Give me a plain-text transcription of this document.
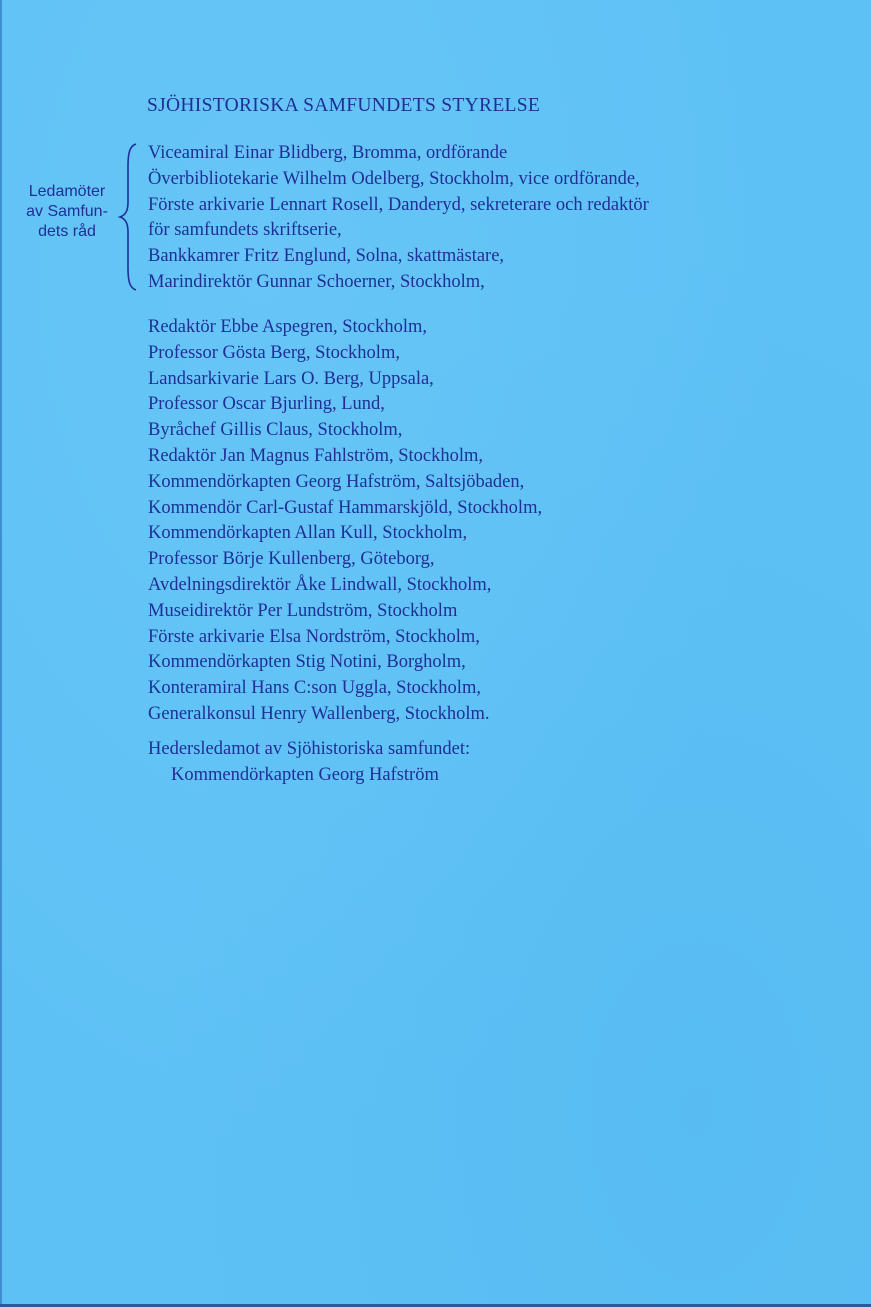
SJÖHISTORISKA SAMFUNDETS STYRELSE
Ledamöter
av Samfun-
dets råd
Viceamiral Einar Blidberg, Bromma, ordförande
Överbibliotekarie Wilhelm Odelberg, Stockholm, vice ordförande,
Förste arkivarie Lennart Rosell, Danderyd, sekreterare och redaktör
för samfundets skriftserie,
Bankkamrer Fritz Englund, Solna, skattmästare,
Marindirektör Gunnar Schoerner, Stockholm,
Redaktör Ebbe Aspegren, Stockholm,
Professor Gösta Berg, Stockholm,
Landsarkivarie Lars O. Berg, Uppsala,
Professor Oscar Bjurling, Lund,
Byråchef Gillis Claus, Stockholm,
Redaktör Jan Magnus Fahlström, Stockholm,
Kommendörkapten Georg Hafström, Saltsjöbaden,
Kommendör Carl-Gustaf Hammarskjöld, Stockholm,
Kommendörkapten Allan Kull, Stockholm,
Professor Börje Kullenberg, Göteborg,
Avdelningsdirektör Åke Lindwall, Stockholm,
Museidirektör Per Lundström, Stockholm
Förste arkivarie Elsa Nordström, Stockholm,
Kommendörkapten Stig Notini, Borgholm,
Konteramiral Hans C:son Uggla, Stockholm,
Generalkonsul Henry Wallenberg, Stockholm.
Hedersledamot av Sjöhistoriska samfundet:
Kommendörkapten Georg Hafström
